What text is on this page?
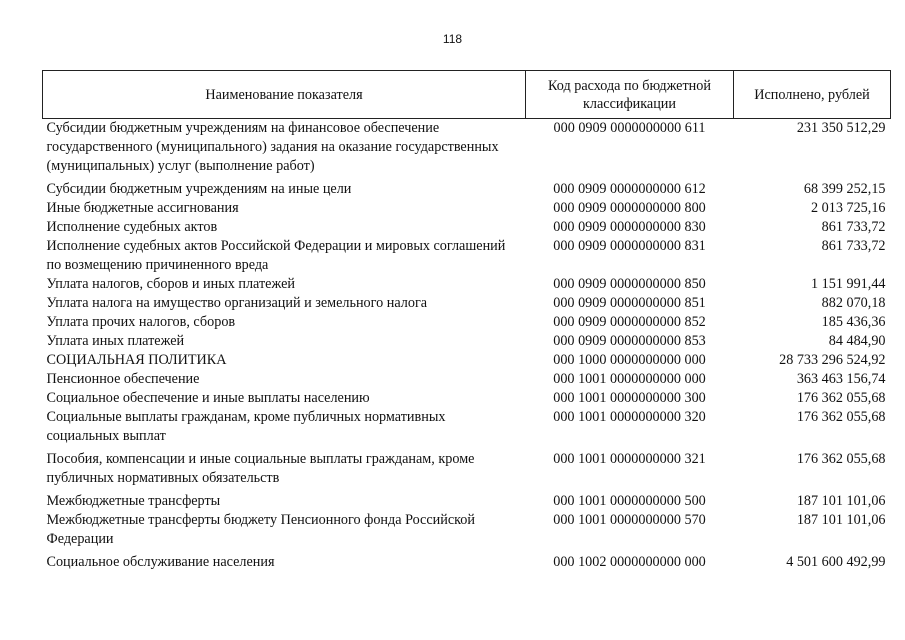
118
Наименование показателя	Код расхода по бюджетной классификации	Исполнено, рублей
Субсидии бюджетным учреждениям на финансовое обеспечение государственного (муниципального) задания на оказание государственных (муниципальных) услуг (выполнение работ)	000 0909 0000000000 611	231 350 512,29
Субсидии бюджетным учреждениям на иные цели	000 0909 0000000000 612	68 399 252,15
Иные бюджетные ассигнования	000 0909 0000000000 800	2 013 725,16
Исполнение судебных актов	000 0909 0000000000 830	861 733,72
Исполнение судебных актов Российской Федерации и мировых соглашений по возмещению причиненного вреда	000 0909 0000000000 831	861 733,72
Уплата налогов, сборов и иных платежей	000 0909 0000000000 850	1 151 991,44
Уплата налога на имущество организаций и земельного налога	000 0909 0000000000 851	882 070,18
Уплата прочих налогов, сборов	000 0909 0000000000 852	185 436,36
Уплата иных платежей	000 0909 0000000000 853	84 484,90
СОЦИАЛЬНАЯ ПОЛИТИКА	000 1000 0000000000 000	28 733 296 524,92
Пенсионное обеспечение	000 1001 0000000000 000	363 463 156,74
Социальное обеспечение и иные выплаты населению	000 1001 0000000000 300	176 362 055,68
Социальные выплаты гражданам, кроме публичных нормативных социальных выплат	000 1001 0000000000 320	176 362 055,68
Пособия, компенсации и иные социальные выплаты гражданам, кроме публичных нормативных обязательств	000 1001 0000000000 321	176 362 055,68
Межбюджетные трансферты	000 1001 0000000000 500	187 101 101,06
Межбюджетные трансферты бюджету Пенсионного фонда Российской Федерации	000 1001 0000000000 570	187 101 101,06
Социальное обслуживание населения	000 1002 0000000000 000	4 501 600 492,99
